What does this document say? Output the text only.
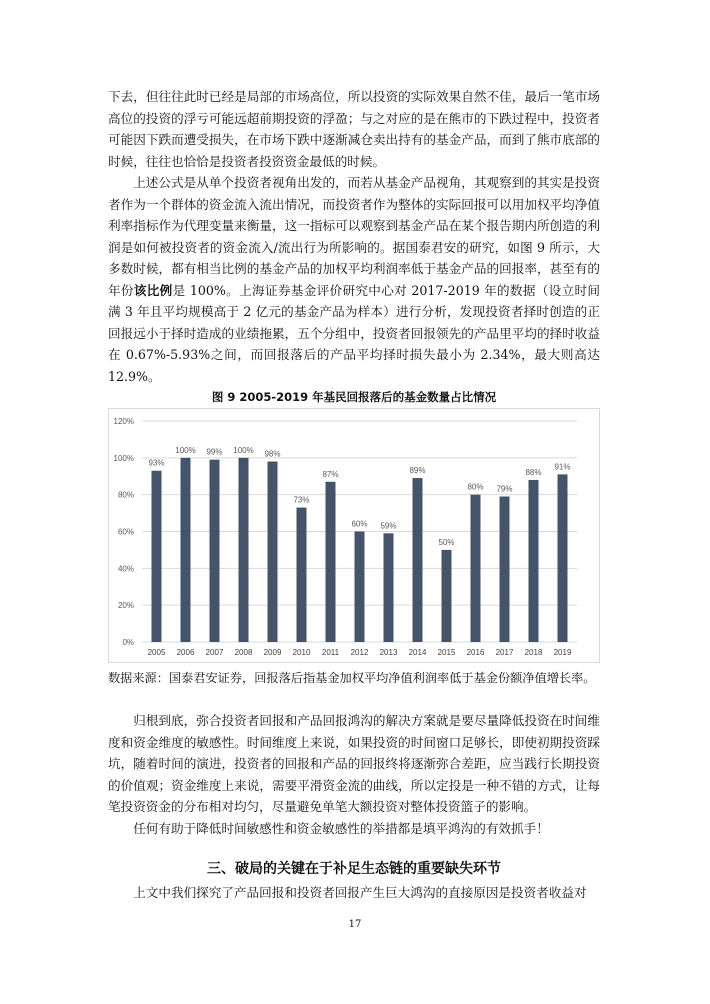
下去，但往往此时已经是局部的市场高位，所以投资的实际效果自然不佳，最后一笔市场高位的投资的浮亏可能远超前期投资的浮盈；与之对应的是在熊市的下跌过程中，投资者可能因下跌而遭受损失，在市场下跌中逐渐减仓卖出持有的基金产品，而到了熊市底部的时候，往往也恰恰是投资者投资资金最低的时候。

上述公式是从单个投资者视角出发的，而若从基金产品视角，其观察到的其实是投资者作为一个群体的资金流入流出情况，而投资者作为整体的实际回报可以用加权平均净值利率指标作为代理变量来衡量，这一指标可以观察到基金产品在某个报告期内所创造的利润是如何被投资者的资金流入/流出行为所影响的。据国泰君安的研究，如图 9 所示，大多数时候，都有相当比例的基金产品的加权平均利润率低于基金产品的回报率，甚至有的年份该比例是 100%。上海证券基金评价研究中心对 2017-2019 年的数据（设立时间满 3 年且平均规模高于 2 亿元的基金产品为样本）进行分析，发现投资者择时创造的正回报远小于择时造成的业绩拖累，五个分组中，投资者回报领先的产品里平均的择时收益在 0.67%-5.93%之间，而回报落后的产品平均择时损失最小为 2.34%，最大则高达 12.9%。

图 9 2005-2019 年基民回报落后的基金数量占比情况
0%
20%
40%
60%
80%
100%
120%
93%
2005
100%
2006
99%
2007
100%
2008
98%
2009
73%
2010
87%
2011
60%
2012
59%
2013
89%
2014
50%
2015
80%
2016
79%
2017
88%
2018
91%
2019
数据来源：国泰君安证券，回报落后指基金加权平均净值利润率低于基金份额净值增长率。

归根到底，弥合投资者回报和产品回报鸿沟的解决方案就是要尽量降低投资在时间维度和资金维度的敏感性。时间维度上来说，如果投资的时间窗口足够长，即使初期投资踩坑，随着时间的演进，投资者的回报和产品的回报终将逐渐弥合差距，应当践行长期投资的价值观；资金维度上来说，需要平滑资金流的曲线，所以定投是一种不错的方式，让每笔投资资金的分布相对均匀，尽量避免单笔大额投资对整体投资篮子的影响。

任何有助于降低时间敏感性和资金敏感性的举措都是填平鸿沟的有效抓手！

三、破局的关键在于补足生态链的重要缺失环节

上文中我们探究了产品回报和投资者回报产生巨大鸿沟的直接原因是投资者收益对

17
